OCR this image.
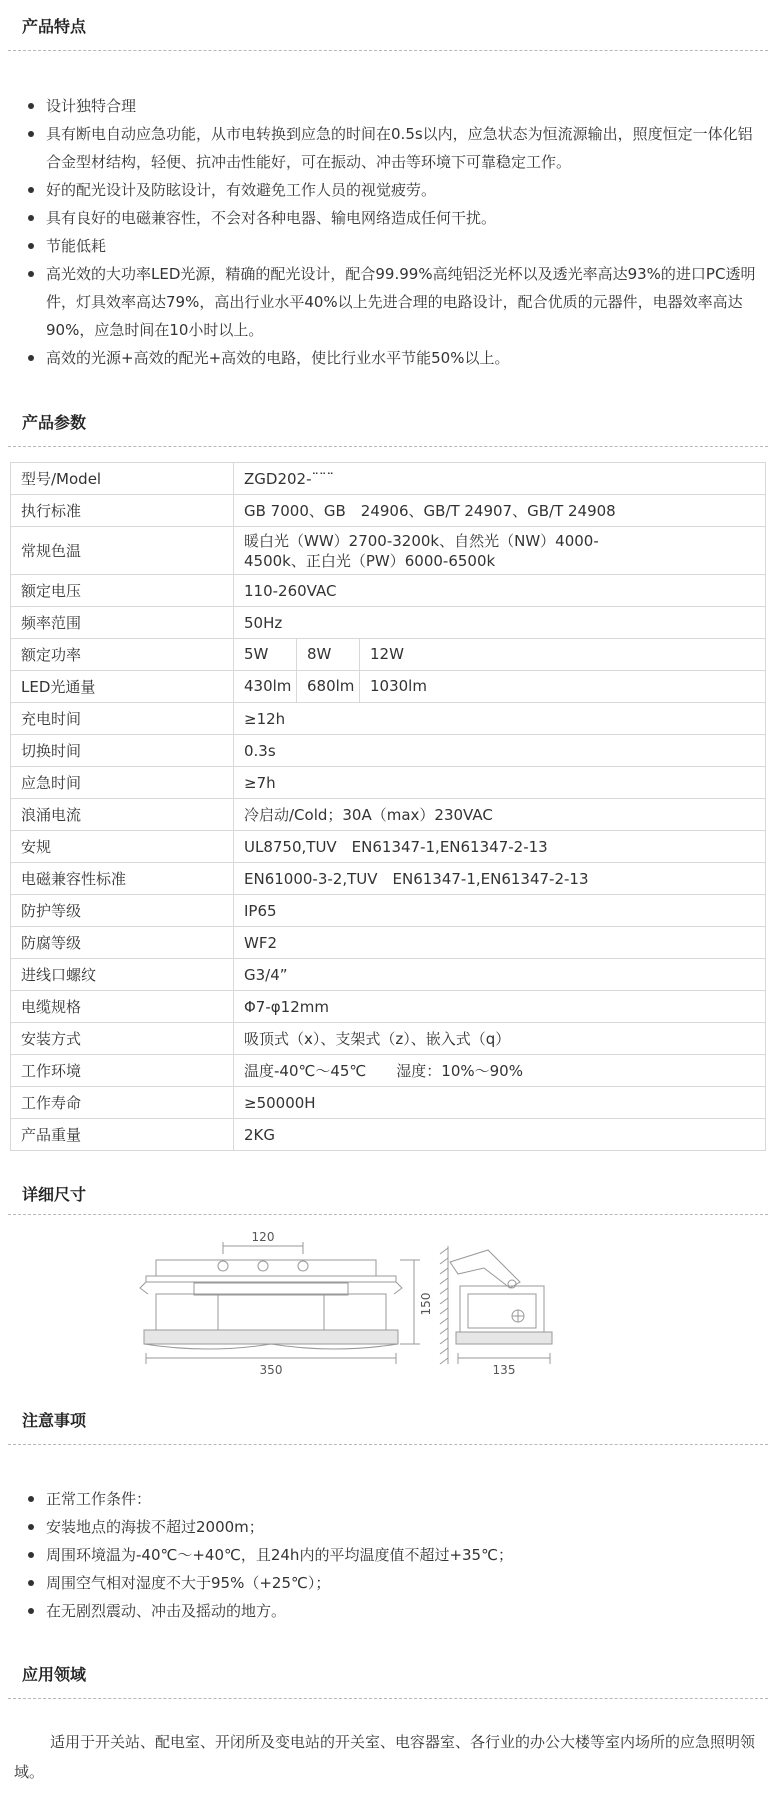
产品特点
设计独特合理
具有断电自动应急功能，从市电转换到应急的时间在0.5s以内，应急状态为恒流源输出，照度恒定一体化铝合金型材结构，轻便、抗冲击性能好，可在振动、冲击等环境下可靠稳定工作。
好的配光设计及防眩设计，有效避免工作人员的视觉疲劳。
具有良好的电磁兼容性，不会对各种电器、输电网络造成任何干扰。
节能低耗
高光效的大功率LED光源，精确的配光设计，配合99.99%高纯铝泛光杯以及透光率高达93%的进口PC透明件，灯具效率高达79%，高出行业水平40%以上先进合理的电路设计，配合优质的元器件，电器效率高达90%，应急时间在10小时以上。
高效的光源+高效的配光+高效的电路，使比行业水平节能50%以上。
产品参数
型号/Model	ZGD202-¨¨¨

执行标准	GB 7000、GB　24906、GB/T 24907、GB/T 24908

常规色温	暖白光（WW）2700-3200k、自然光（NW）4000-4500k、正白光（PW）6000-6500k

额定电压	110-260VAC

频率范围	50Hz

额定功率	5W 8W 12W

LED光通量	430lm 680lm 1030lm

充电时间	≥12h

切换时间	0.3s

应急时间	≥7h

浪涌电流	冷启动/Cold；30A（max）230VAC

安规	UL8750,TUV　EN61347-1,EN61347-2-13

电磁兼容性标准	EN61000-3-2,TUV　EN61347-1,EN61347-2-13

防护等级	IP65

防腐等级	WF2

进线口螺纹	G3/4”

电缆规格	Φ7-φ12mm

安装方式	吸顶式（x）、支架式（z）、嵌入式（q）

工作环境	温度-40℃～45℃　　湿度：10%～90%

工作寿命	≥50000H

产品重量	2KG
详细尺寸
120
350	135
150
注意事项
正常工作条件：
安装地点的海拔不超过2000m；
周围环境温为-40℃～+40℃，且24h内的平均温度值不超过+35℃；
周围空气相对湿度不大于95%（+25℃）；
在无剧烈震动、冲击及摇动的地方。
应用领域
适用于开关站、配电室、开闭所及变电站的开关室、电容器室、各行业的办公大楼等室内场所的应急照明领域。
